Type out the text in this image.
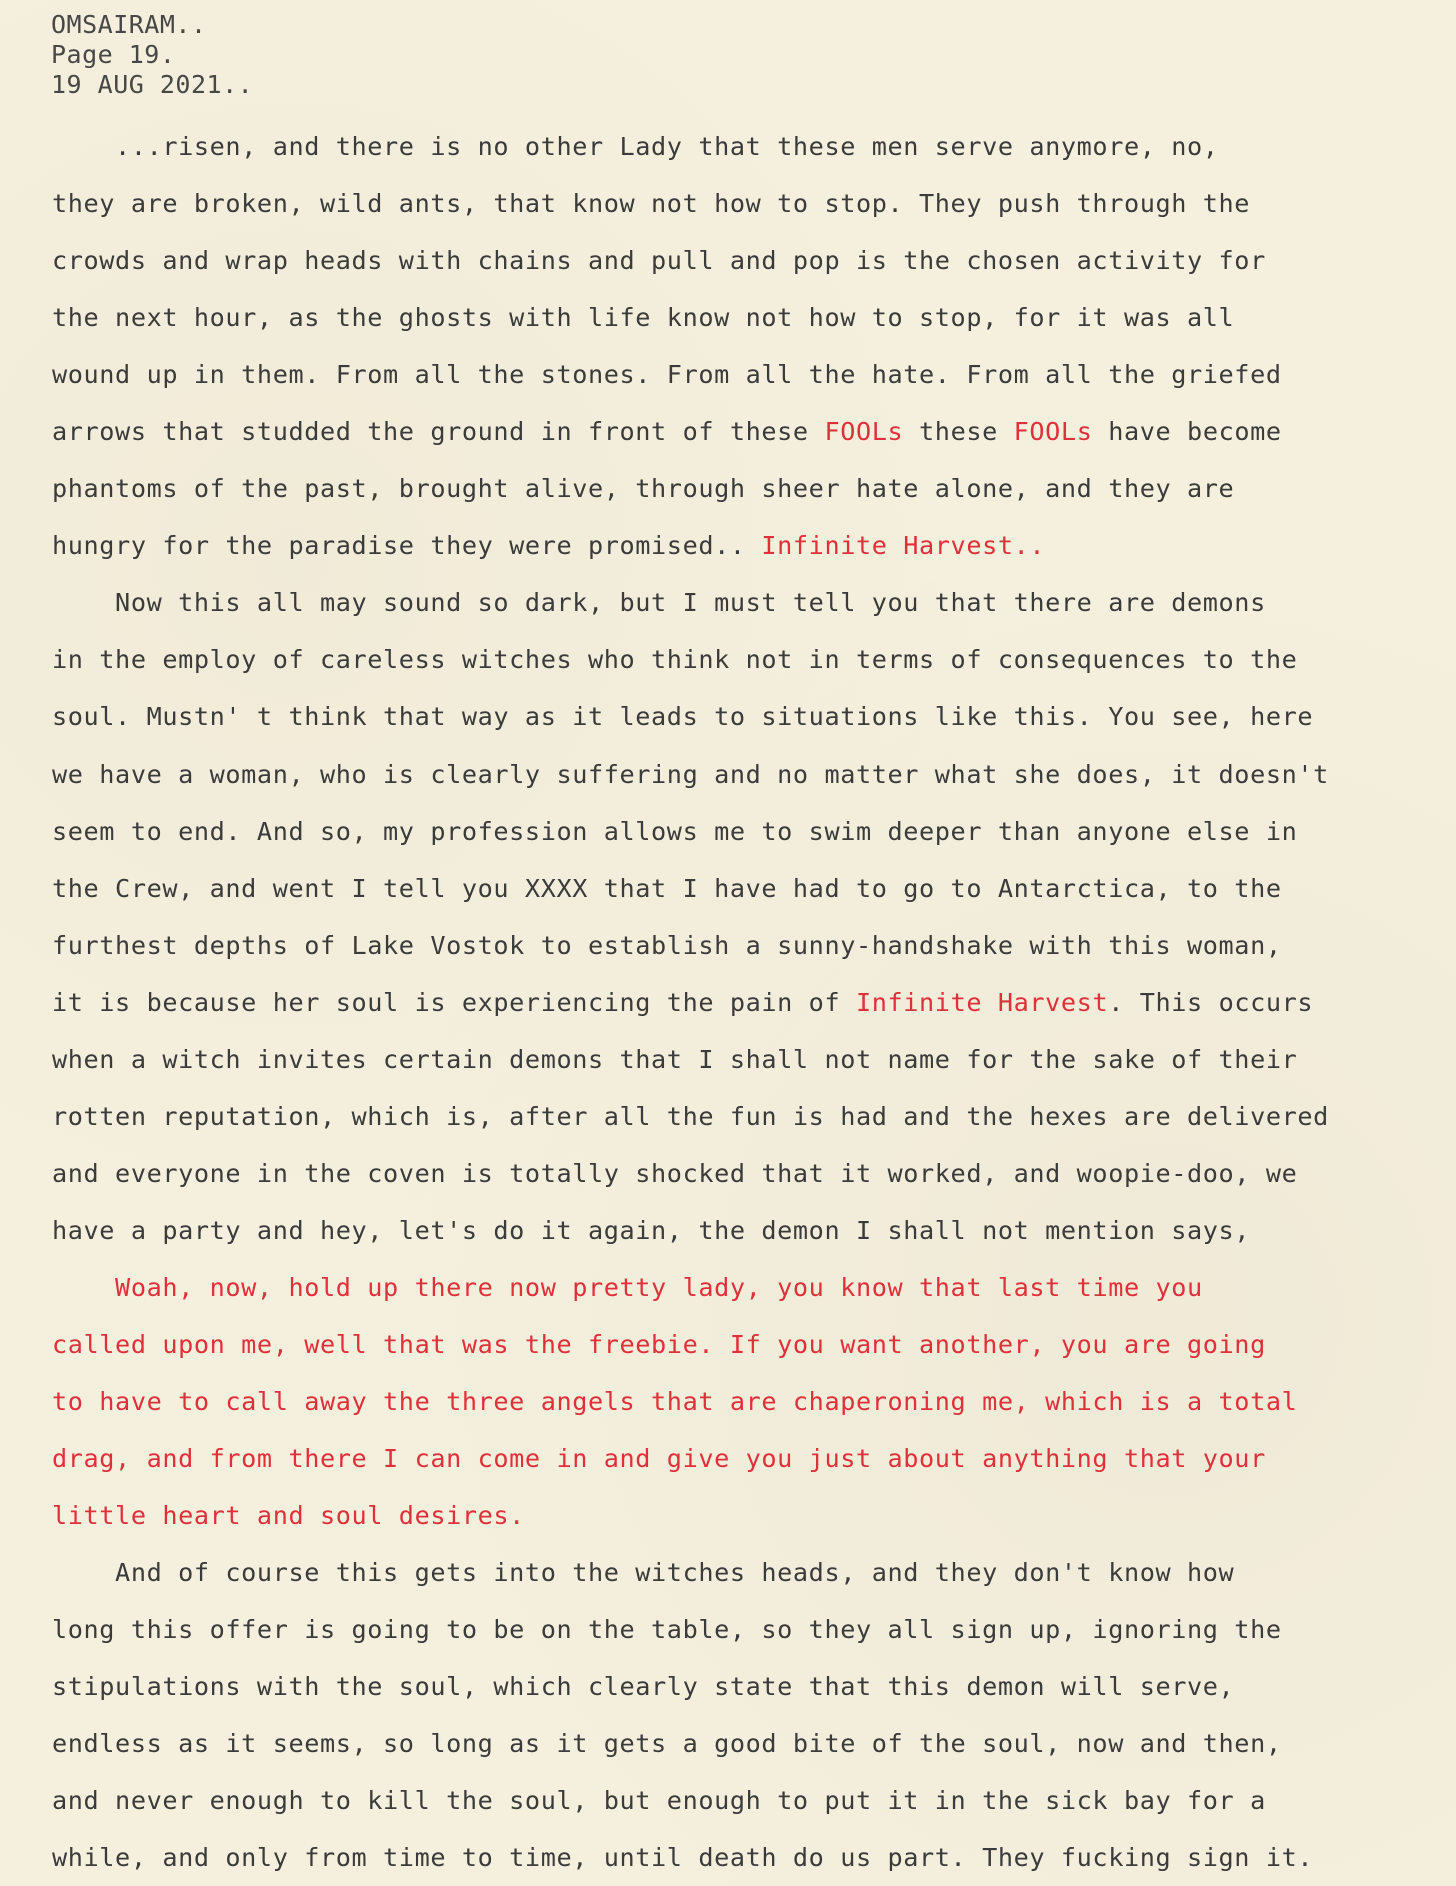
OMSAIRAM..
Page 19.
19 AUG 2021..
...risen, and there is no other Lady that these men serve anymore, no,
they are broken, wild ants, that know not how to stop. They push through the
crowds and wrap heads with chains and pull and pop is the chosen activity for
the next hour, as the ghosts with life know not how to stop, for it was all
wound up in them. From all the stones. From all the hate. From all the griefed
arrows that studded the ground in front of these FOOLs these FOOLs have become
phantoms of the past, brought alive, through sheer hate alone, and they are
hungry for the paradise they were promised.. Infinite Harvest..
Now this all may sound so dark, but I must tell you that there are demons
in the employ of careless witches who think not in terms of consequences to the
soul. Mustn' t think that way as it leads to situations like this. You see, here
we have a woman, who is clearly suffering and no matter what she does, it doesn't
seem to end. And so, my profession allows me to swim deeper than anyone else in
the Crew, and went I tell you XXXX that I have had to go to Antarctica, to the
furthest depths of Lake Vostok to establish a sunny-handshake with this woman,
it is because her soul is experiencing the pain of Infinite Harvest. This occurs
when a witch invites certain demons that I shall not name for the sake of their
rotten reputation, which is, after all the fun is had and the hexes are delivered
and everyone in the coven is totally shocked that it worked, and woopie-doo, we
have a party and hey, let's do it again, the demon I shall not mention says,
Woah, now, hold up there now pretty lady, you know that last time you
called upon me, well that was the freebie. If you want another, you are going
to have to call away the three angels that are chaperoning me, which is a total
drag, and from there I can come in and give you just about anything that your
little heart and soul desires.
And of course this gets into the witches heads, and they don't know how
long this offer is going to be on the table, so they all sign up, ignoring the
stipulations with the soul, which clearly state that this demon will serve,
endless as it seems, so long as it gets a good bite of the soul, now and then,
and never enough to kill the soul, but enough to put it in the sick bay for a
while, and only from time to time, until death do us part. They fucking sign it.
